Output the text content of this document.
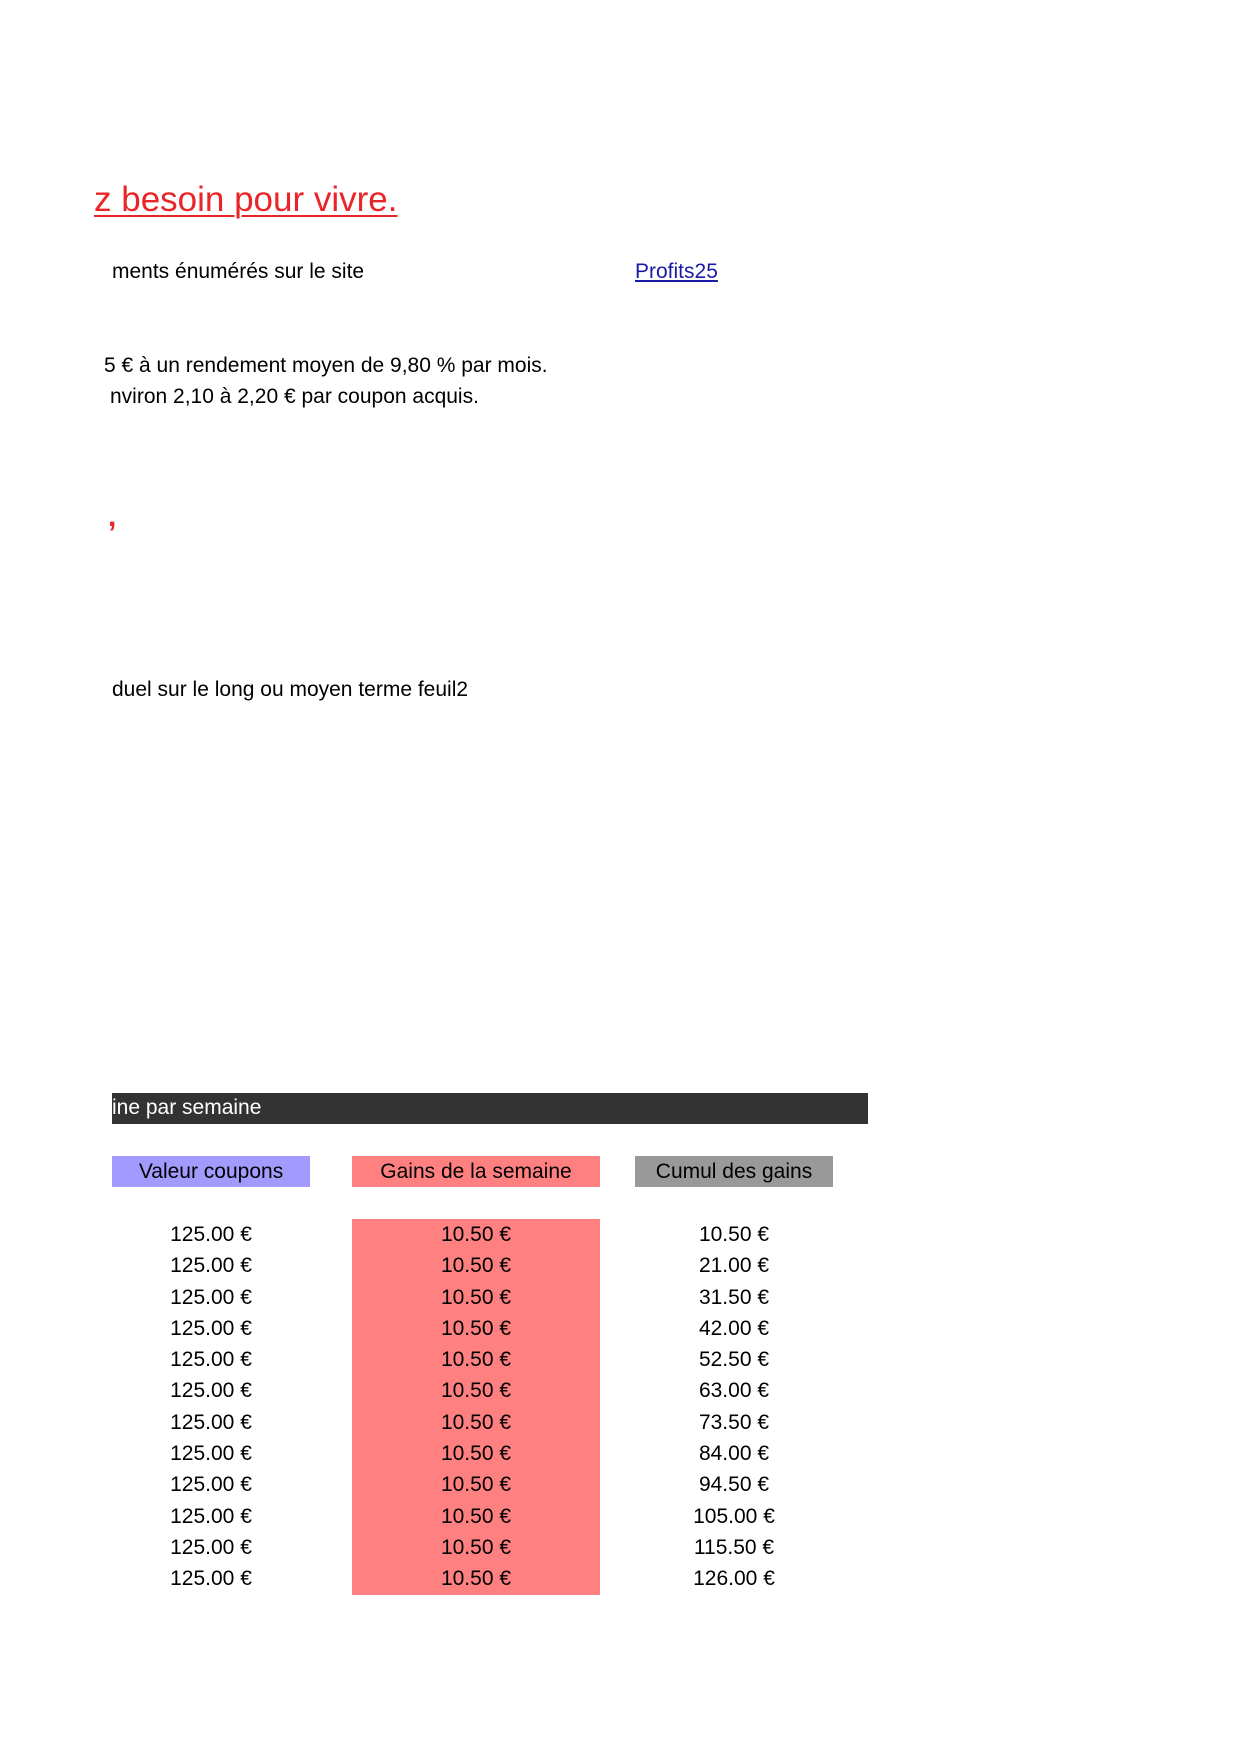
z besoin pour vivre.
ments énumérés sur le site	Profits25
5 € à un rendement moyen de 9,80 % par mois.
nviron 2,10 à 2,20 € par coupon acquis.
,
duel sur le long ou moyen terme feuil2
ine par semaine
Valeur coupons	Gains de la semaine	Cumul des gains
125.00 €	10.50 €	10.50 €
125.00 €	10.50 €	21.00 €
125.00 €	10.50 €	31.50 €
125.00 €	10.50 €	42.00 €
125.00 €	10.50 €	52.50 €
125.00 €	10.50 €	63.00 €
125.00 €	10.50 €	73.50 €
125.00 €	10.50 €	84.00 €
125.00 €	10.50 €	94.50 €
125.00 €	10.50 €	105.00 €
125.00 €	10.50 €	115.50 €
125.00 €	10.50 €	126.00 €
